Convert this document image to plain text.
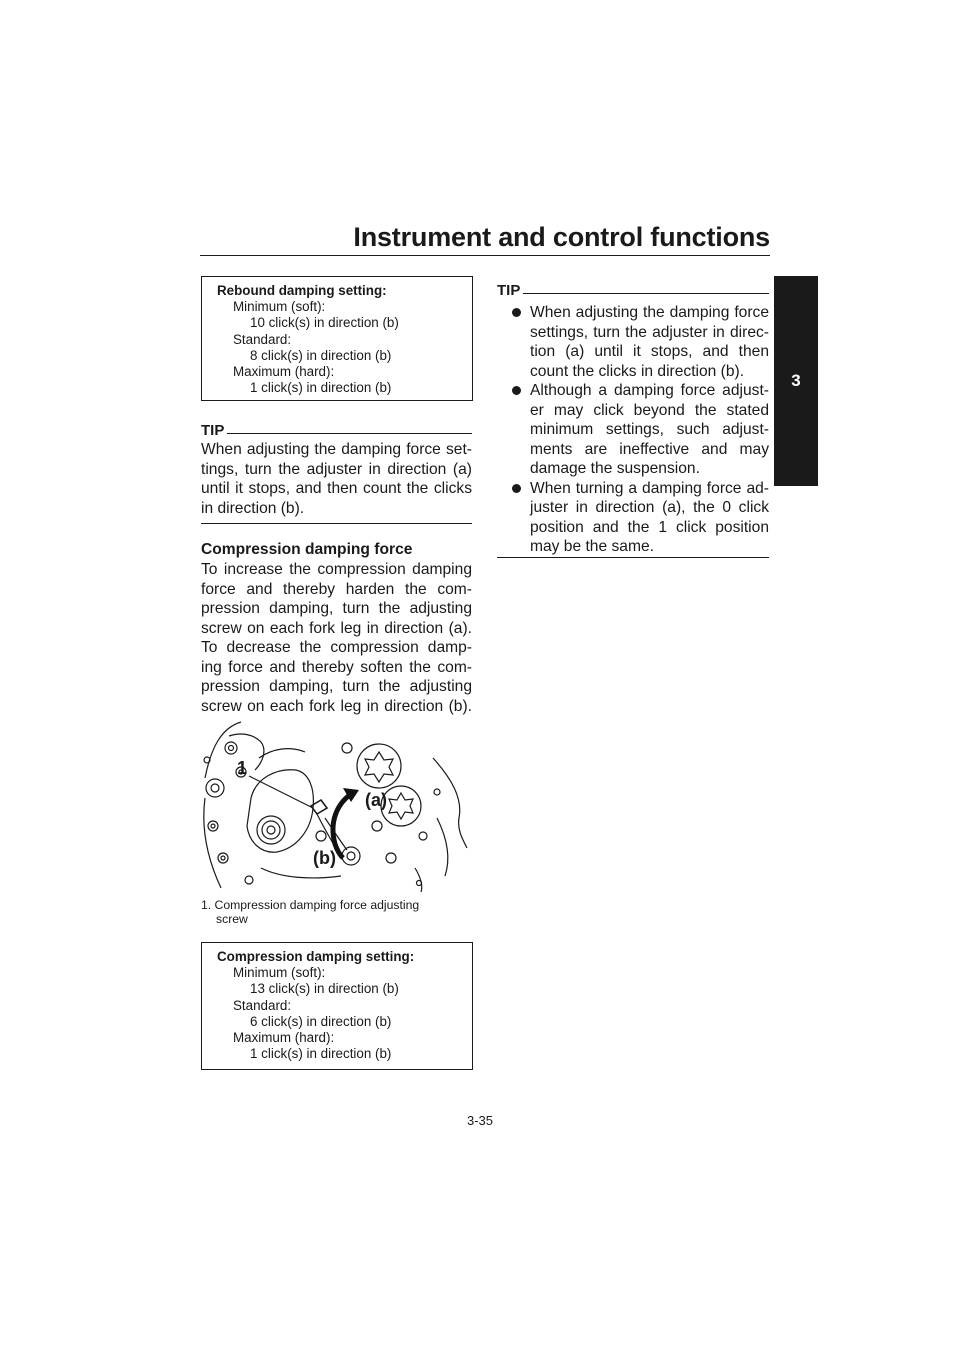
Instrument and control functions
3
Rebound damping setting:
Minimum (soft):
10 click(s) in direction (b)
Standard:
8 click(s) in direction (b)
Maximum (hard):
1 click(s) in direction (b)
TIP
When adjusting the damping force set-
tings, turn the adjuster in direction (a)
until it stops, and then count the clicks
in direction (b).
Compression damping force
To increase the compression damping
force and thereby harden the com-
pression damping, turn the adjusting
screw on each fork leg in direction (a).
To decrease the compression damp-
ing force and thereby soften the com-
pression damping, turn the adjusting
screw on each fork leg in direction (b).
1
(a)
(b)
1. Compression damping force adjusting
screw
Compression damping setting:
Minimum (soft):
13 click(s) in direction (b)
Standard:
6 click(s) in direction (b)
Maximum (hard):
1 click(s) in direction (b)
TIP
When adjusting the damping force
settings, turn the adjuster in direc-
tion (a) until it stops, and then
count the clicks in direction (b).
Although a damping force adjust-
er may click beyond the stated
minimum settings, such adjust-
ments are ineffective and may
damage the suspension.
When turning a damping force ad-
juster in direction (a), the 0 click
position and the 1 click position
may be the same.
3-35
